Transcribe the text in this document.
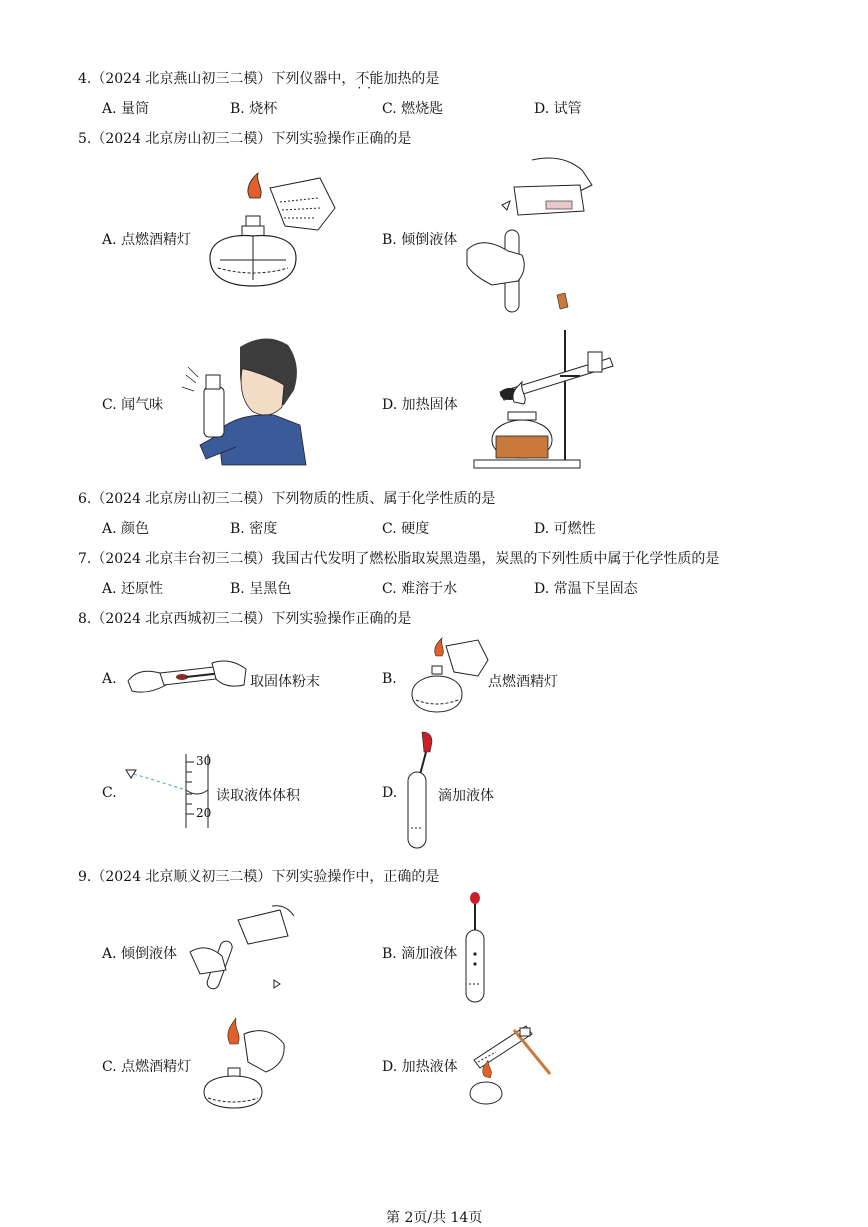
4.（2024 北京燕山初三二模）下列仪器中，不能 · ·加热的是
A. 量筒	B. 烧杯	C. 燃烧匙	D. 试管
5.（2024 北京房山初三二模）下列实验操作正确的是
A. 点燃酒精灯	B. 倾倒液体
C. 闻气味	D. 加热固体
6.（2024 北京房山初三二模）下列物质的性质、属于化学性质的是
A. 颜色	B. 密度	C. 硬度	D. 可燃性
7.（2024 北京丰台初三二模）我国古代发明了燃松脂取炭黑造墨，炭黑的下列性质中属于化学性质的是
A. 还原性	B. 呈黑色	C. 难溶于水	D. 常温下呈固态
8.（2024 北京西城初三二模）下列实验操作正确的是
A.	取固体粉末	B.	点燃酒精灯
C.
30
20
读取液体体积	D.	滴加液体
9.（2024 北京顺义初三二模）下列实验操作中，正确的是
A. 倾倒液体	B. 滴加液体
C. 点燃酒精灯	D. 加热液体
第 2页/共 14页
